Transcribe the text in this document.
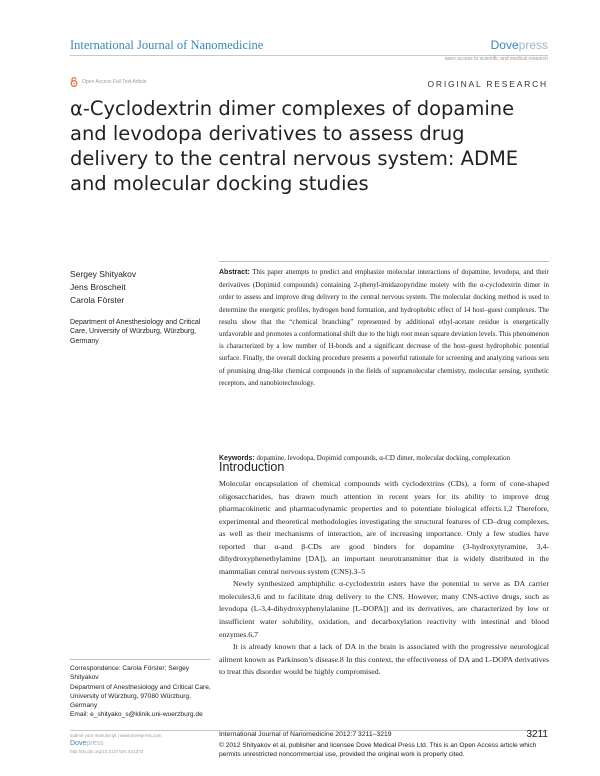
International Journal of Nanomedicine	Dovepress
open access to scientific and medical research
Open Access Full Text Article	ORIGINAL RESEARCH
α-Cyclodextrin dimer complexes of dopamine and levodopa derivatives to assess drug delivery to the central nervous system: ADME and molecular docking studies
Sergey Shityakov
Jens Broscheit
Carola Förster
Department of Anesthesiology and Critical Care, University of Würzburg, Würzburg, Germany
Abstract: This paper attempts to predict and emphasize molecular interactions of dopamine, levodopa, and their derivatives (Dopimid compounds) containing 2-phenyl-imidazopyridine moiety with the α-cyclodextrin dimer in order to assess and improve drug delivery to the central nervous system. The molecular docking method is used to determine the energetic profiles, hydrogen bond formation, and hydrophobic effect of 14 host–guest complexes. The results show that the “chemical branching” represented by additional ethyl-acetate residue is energetically unfavorable and promotes a conformational shift due to the high root mean square deviation levels. This phenomenon is characterized by a low number of H-bonds and a significant decrease of the host–guest hydrophobic potential surface. Finally, the overall docking procedure presents a powerful rationale for screening and analyzing various sets of promising drug-like chemical compounds in the fields of supramolecular chemistry, molecular sensing, synthetic receptors, and nanobiotechnology.
Keywords: dopamine, levodopa, Dopimid compounds, α-CD dimer, molecular docking, complexation
Introduction

Molecular encapsulation of chemical compounds with cyclodextrins (CDs), a form of cone-shaped oligosaccharides, has drawn much attention in recent years for its ability to improve drug pharmacokinetic and pharmacodynamic properties and to potentiate biological effects.1,2 Therefore, experimental and theoretical methodologies investigating the structural features of CD–drug complexes, as well as their mechanisms of interaction, are of increasing importance. Only a few studies have reported that α-and β-CDs are good binders for dopamine (3-hydroxytyramine, 3,4-dihydroxyphenethylamine [DA]), an important neurotransmitter that is widely distributed in the mammalian central nervous system (CNS).3–5

Newly synthesized amphiphilic α-cyclodextrin esters have the potential to serve as DA carrier molecules3,6 and to facilitate drug delivery to the CNS. However, many CNS-active drugs, such as levodopa (L-3,4-dihydroxyphenylalanine [L-DOPA]) and its derivatives, are characterized by low or insufficient water solubility, oxidation, and decarboxylation reactivity with intestinal and blood enzymes.6,7

It is already known that a lack of DA in the brain is associated with the progressive neurological ailment known as Parkinson’s disease.8 In this context, the effectiveness of DA and L-DOPA derivatives to treat this disorder would be highly compromised.

Correspondence: Carola Förster; Sergey Shityakov
Department of Anesthesiology and Critical Care, University of Würzburg, 97080 Würzburg, Germany
Email: e_shityako_s@klinik.uni-wuerzburg.de
submit your manuscript | www.dovepress.com
Dovepress
http://dx.doi.org/10.2147/IJN.S41373
International Journal of Nanomedicine 2012:7 3211–3219	3211
© 2012 Shityakov et al, publisher and licensee Dove Medical Press Ltd. This is an Open Access article which permits unrestricted noncommercial use, provided the original work is properly cited.
